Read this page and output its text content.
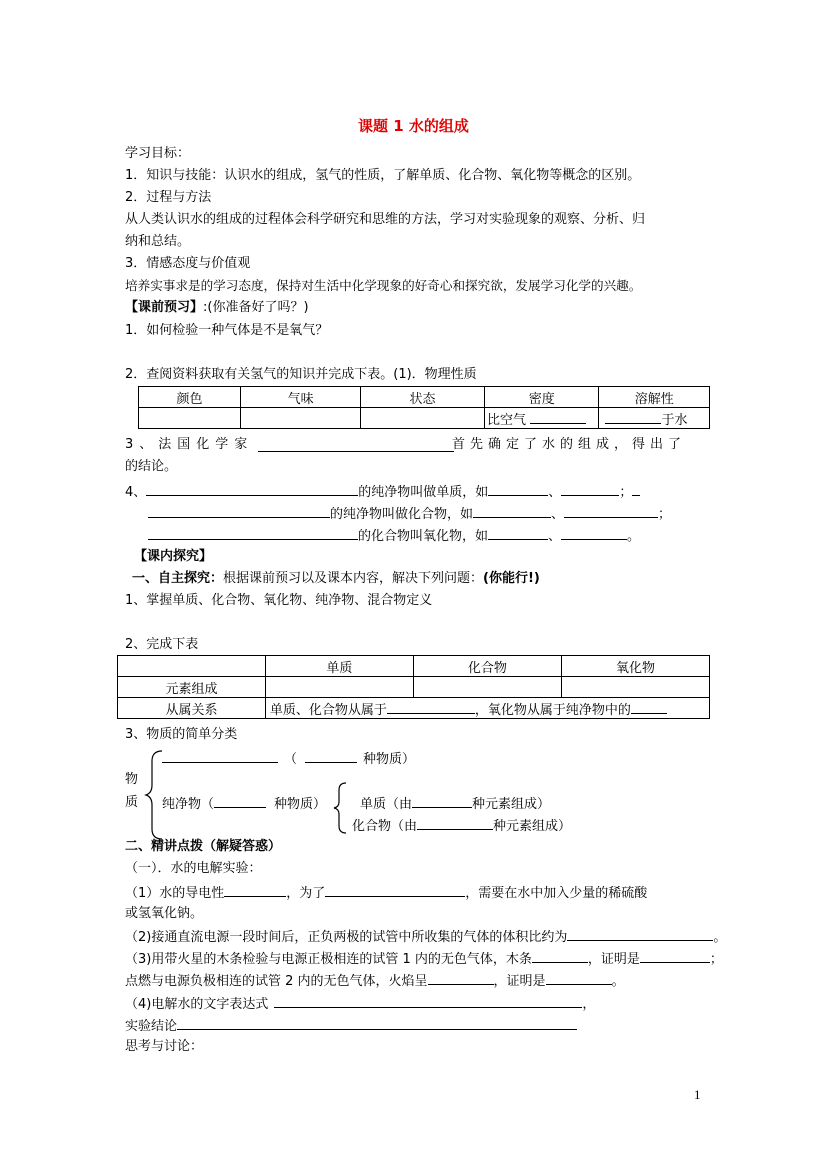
课题 1 水的组成
学习目标：
1．知识与技能：认识水的组成，氢气的性质，了解单质、化合物、氧化物等概念的区别。
2．过程与方法
从人类认识水的组成的过程体会科学研究和思维的方法，学习对实验现象的观察、分析、归
纳和总结。
3．情感态度与价值观
培养实事求是的学习态度，保持对生活中化学现象的好奇心和探究欲，发展学习化学的兴趣。
【课前预习】:(你准备好了吗？)
1．如何检验一种气体是不是氧气？
2．查阅资料获取有关氢气的知识并完成下表。(1)．物理性质
颜色	气味	状态	密度	溶解性
			比空气	于水
3、法国化学家	首先确定了水的组成，得出了
的结论。
4、	的纯净物叫做单质，如	、	；
的纯净物叫做化合物，如	、	；
的化合物叫氧化物，如	、	。
【课内探究】
一、自主探究：根据课前预习以及课本内容，解决下列问题：(你能行!)
1、掌握单质、化合物、氧化物、纯净物、混合物定义
2、完成下表
	单质	化合物	氧化物
元素组成			
从属关系	单质、化合物从属于 ，氧化物从属于纯净物中的		
3、物质的简单分类
物
质
（	种物质）
纯净物（	种物质）	单质（由	种元素组成）
化合物（由	种元素组成）
二、精讲点拨（解疑答惑）
（一）．水的电解实验：
（1）水的导电性	，为了	，需要在水中加入少量的稀硫酸
或氢氧化钠。
（2)接通直流电源一段时间后，正负两极的试管中所收集的气体的体积比约为	。
（3)用带火星的木条检验与电源正极相连的试管 1 内的无色气体，木条	，证明是	；
点燃与电源负极相连的试管 2 内的无色气体，火焰呈	，证明是	。
（4)电解水的文字表达式	，
实验结论
思考与讨论：
1
